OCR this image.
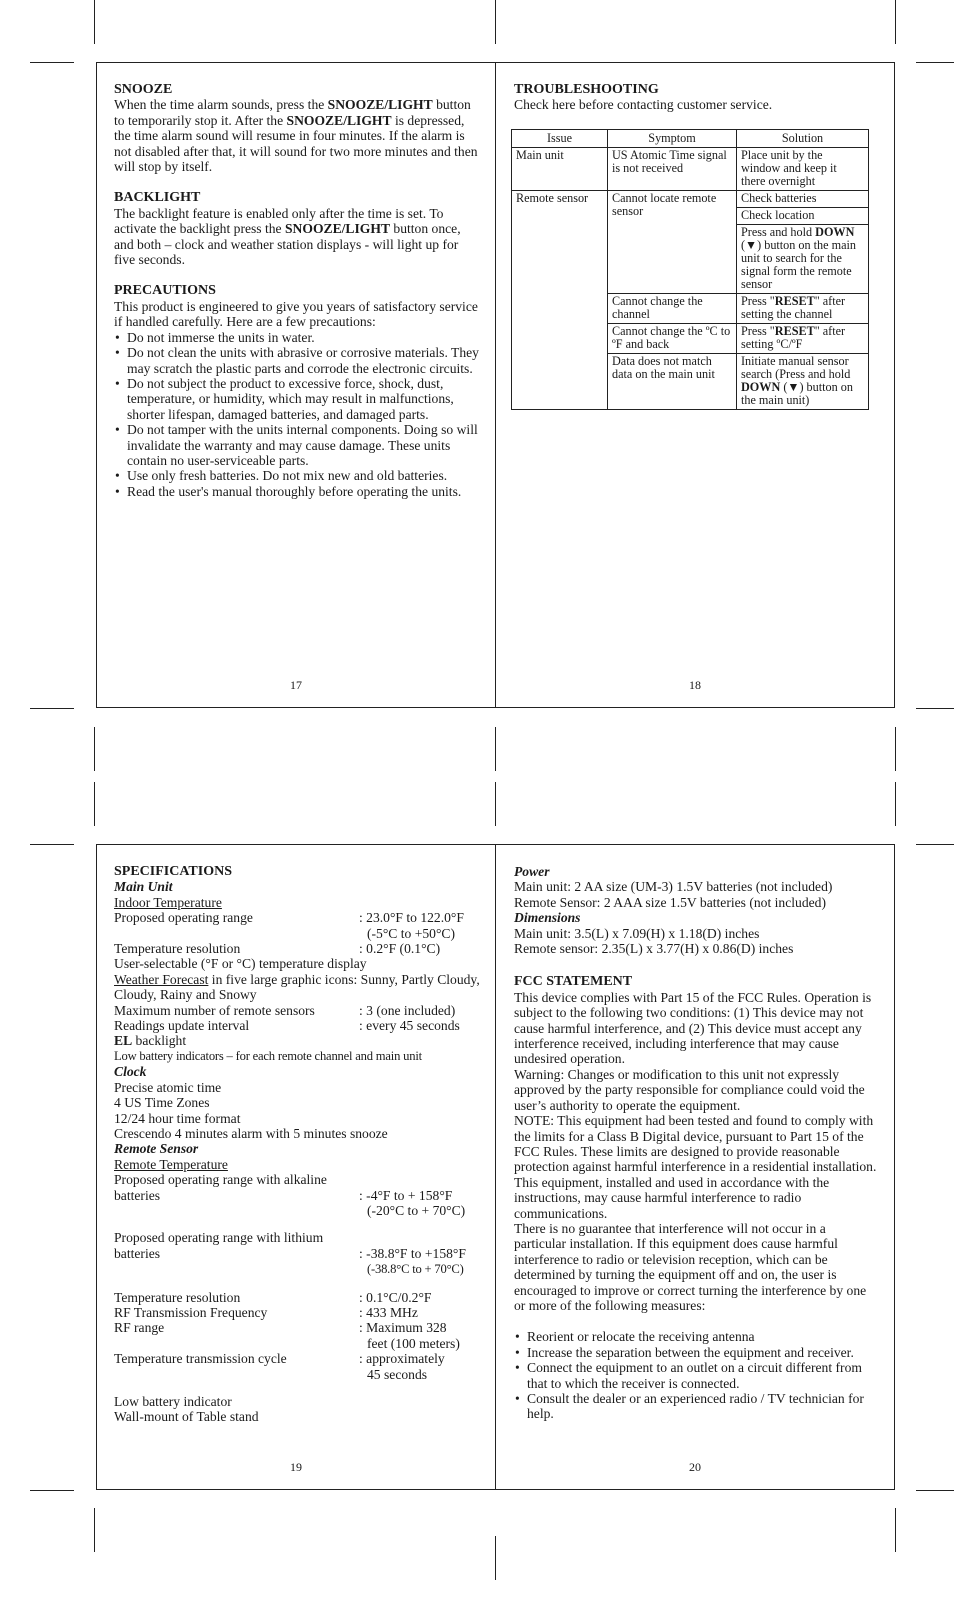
SNOOZE

When the time alarm sounds, press the SNOOZE/LIGHT button to temporarily stop it. After the SNOOZE/LIGHT is depressed, the time alarm sound will resume in four minutes. If the alarm is not disabled after that, it will sound for two more minutes and then will stop by itself.

BACKLIGHT

The backlight feature is enabled only after the time is set. To activate the backlight press the SNOOZE/LIGHT button once, and both – clock and weather station displays - will light up for five seconds.

PRECAUTIONS

This product is engineered to give you years of satisfactory service if handled carefully. Here are a few precautions:

• Do not immerse the units in water.
• Do not clean the units with abrasive or corrosive materials. They may scratch the plastic parts and corrode the electronic circuits.
• Do not subject the product to excessive force, shock, dust, temperature, or humidity, which may result in malfunctions, shorter lifespan, damaged batteries, and damaged parts.
• Do not tamper with the units internal components. Doing so will invalidate the warranty and may cause damage. These units contain no user-serviceable parts.
• Use only fresh batteries. Do not mix new and old batteries.
• Read the user's manual thoroughly before operating the units.
17

TROUBLESHOOTING

Check here before contacting customer service.

Issue	Symptom	Solution
Main unit	US Atomic Time signal is not received	Place unit by the window and keep it there overnight
Remote sensor	Cannot locate remote sensor	Check batteries
		Check location
		Press and hold DOWN (▼) button on the main unit to search for the signal form the remote sensor
	Cannot change the channel	Press "RESET" after setting the channel
	Cannot change the ºC to ºF and back	Press "RESET" after setting ºC/ºF
	Data does not match data on the main unit	Initiate manual sensor search (Press and hold DOWN (▼) button on the main unit)
18

SPECIFICATIONS

Main Unit
Indoor Temperature
Proposed operating range	: 23.0°F to 122.0°F
(-5°C to +50°C)
Temperature resolution	: 0.2°F (0.1°C)
User-selectable (°F or °C) temperature display
Weather Forecast in five large graphic icons: Sunny, Partly Cloudy, Cloudy, Rainy and Snowy
Maximum number of remote sensors	: 3 (one included)
Readings update interval	: every 45 seconds
EL backlight
Low battery indicators – for each remote channel and main unit
Clock
Precise atomic time
4 US Time Zones
12/24 hour time format
Crescendo 4 minutes alarm with 5 minutes snooze
Remote Sensor
Remote Temperature
Proposed operating range with alkaline
batteries	: -4°F to + 158°F
(-20°C to + 70°C)
Proposed operating range with lithium
batteries	: -38.8°F to +158°F
(-38.8°C to + 70°C)
Temperature resolution	: 0.1°C/0.2°F
RF Transmission Frequency	: 433 MHz
RF range	: Maximum 328
feet (100 meters)
Temperature transmission cycle	: approximately
45 seconds
Low battery indicator
Wall-mount of Table stand
19
Power
Main unit: 2 AA size (UM-3) 1.5V batteries (not included)
Remote Sensor: 2 AAA size 1.5V batteries (not included)
Dimensions
Main unit: 3.5(L) x 7.09(H) x 1.18(D) inches
Remote sensor: 2.35(L) x 3.77(H) x 0.86(D) inches

FCC STATEMENT

This device complies with Part 15 of the FCC Rules. Operation is subject to the following two conditions: (1) This device may not cause harmful interference, and (2) This device must accept any interference received, including interference that may cause undesired operation.
Warning: Changes or modification to this unit not expressly approved by the party responsible for compliance could void the user’s authority to operate the equipment.
NOTE: This equipment had been tested and found to comply with the limits for a Class B Digital device, pursuant to Part 15 of the FCC Rules. These limits are designed to provide reasonable protection against harmful interference in a residential installation. This equipment, installed and used in accordance with the instructions, may cause harmful interference to radio communications.
There is no guarantee that interference will not occur in a particular installation. If this equipment does cause harmful interference to radio or television reception, which can be determined by turning the equipment off and on, the user is encouraged to improve or correct turning the interference by one or more of the following measures:
• Reorient or relocate the receiving antenna
• Increase the separation between the equipment and receiver.
• Connect the equipment to an outlet on a circuit different from that to which the receiver is connected.
• Consult the dealer or an experienced radio / TV technician for help.
20
